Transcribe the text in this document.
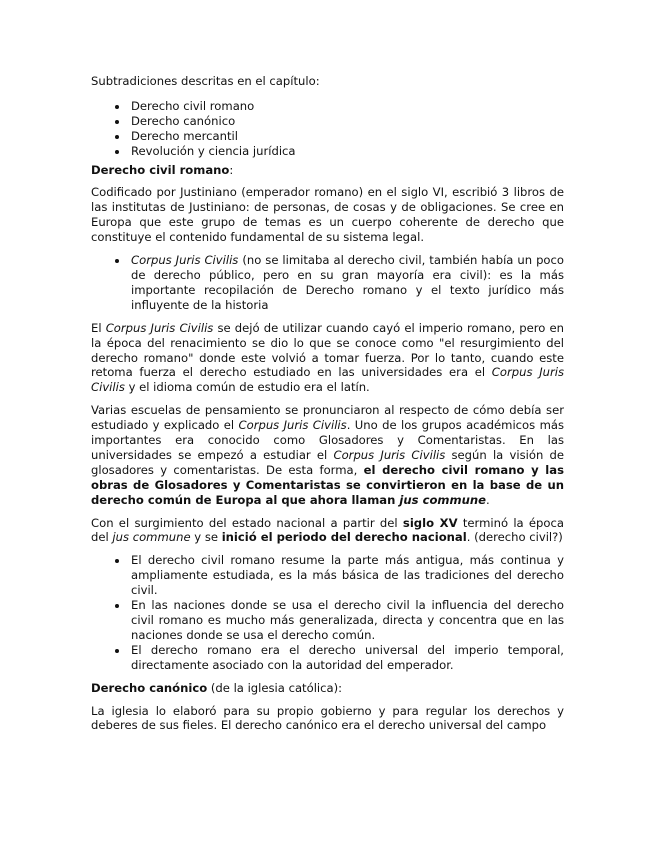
Subtradiciones descritas en el capítulo:

• Derecho civil romano
• Derecho canónico
• Derecho mercantil
• Revolución y ciencia jurídica

Derecho civil romano:

Codificado por Justiniano (emperador romano) en el siglo VI, escribió 3 libros de las institutas de Justiniano: de personas, de cosas y de obligaciones. Se cree en Europa que este grupo de temas es un cuerpo coherente de derecho que constituye el contenido fundamental de su sistema legal.

• Corpus Juris Civilis (no se limitaba al derecho civil, también había un poco de derecho público, pero en su gran mayoría era civil): es la más importante recopilación de Derecho romano y el texto jurídico más influyente de la historia

El Corpus Juris Civilis se dejó de utilizar cuando cayó el imperio romano, pero en la época del renacimiento se dio lo que se conoce como "el resurgimiento del derecho romano" donde este volvió a tomar fuerza. Por lo tanto, cuando este retoma fuerza el derecho estudiado en las universidades era el Corpus Juris Civilis y el idioma común de estudio era el latín.

Varias escuelas de pensamiento se pronunciaron al respecto de cómo debía ser estudiado y explicado el Corpus Juris Civilis. Uno de los grupos académicos más importantes era conocido como Glosadores y Comentaristas. En las universidades se empezó a estudiar el Corpus Juris Civilis según la visión de glosadores y comentaristas. De esta forma, el derecho civil romano y las obras de Glosadores y Comentaristas se convirtieron en la base de un derecho común de Europa al que ahora llaman jus commune.

Con el surgimiento del estado nacional a partir del siglo XV terminó la época del jus commune y se inició el periodo del derecho nacional. (derecho civil?)

• El derecho civil romano resume la parte más antigua, más continua y ampliamente estudiada, es la más básica de las tradiciones del derecho civil.
• En las naciones donde se usa el derecho civil la influencia del derecho civil romano es mucho más generalizada, directa y concentra que en las naciones donde se usa el derecho común.
• El derecho romano era el derecho universal del imperio temporal, directamente asociado con la autoridad del emperador.

Derecho canónico (de la iglesia católica):

La iglesia lo elaboró para su propio gobierno y para regular los derechos y deberes de sus fieles. El derecho canónico era el derecho universal del campo
